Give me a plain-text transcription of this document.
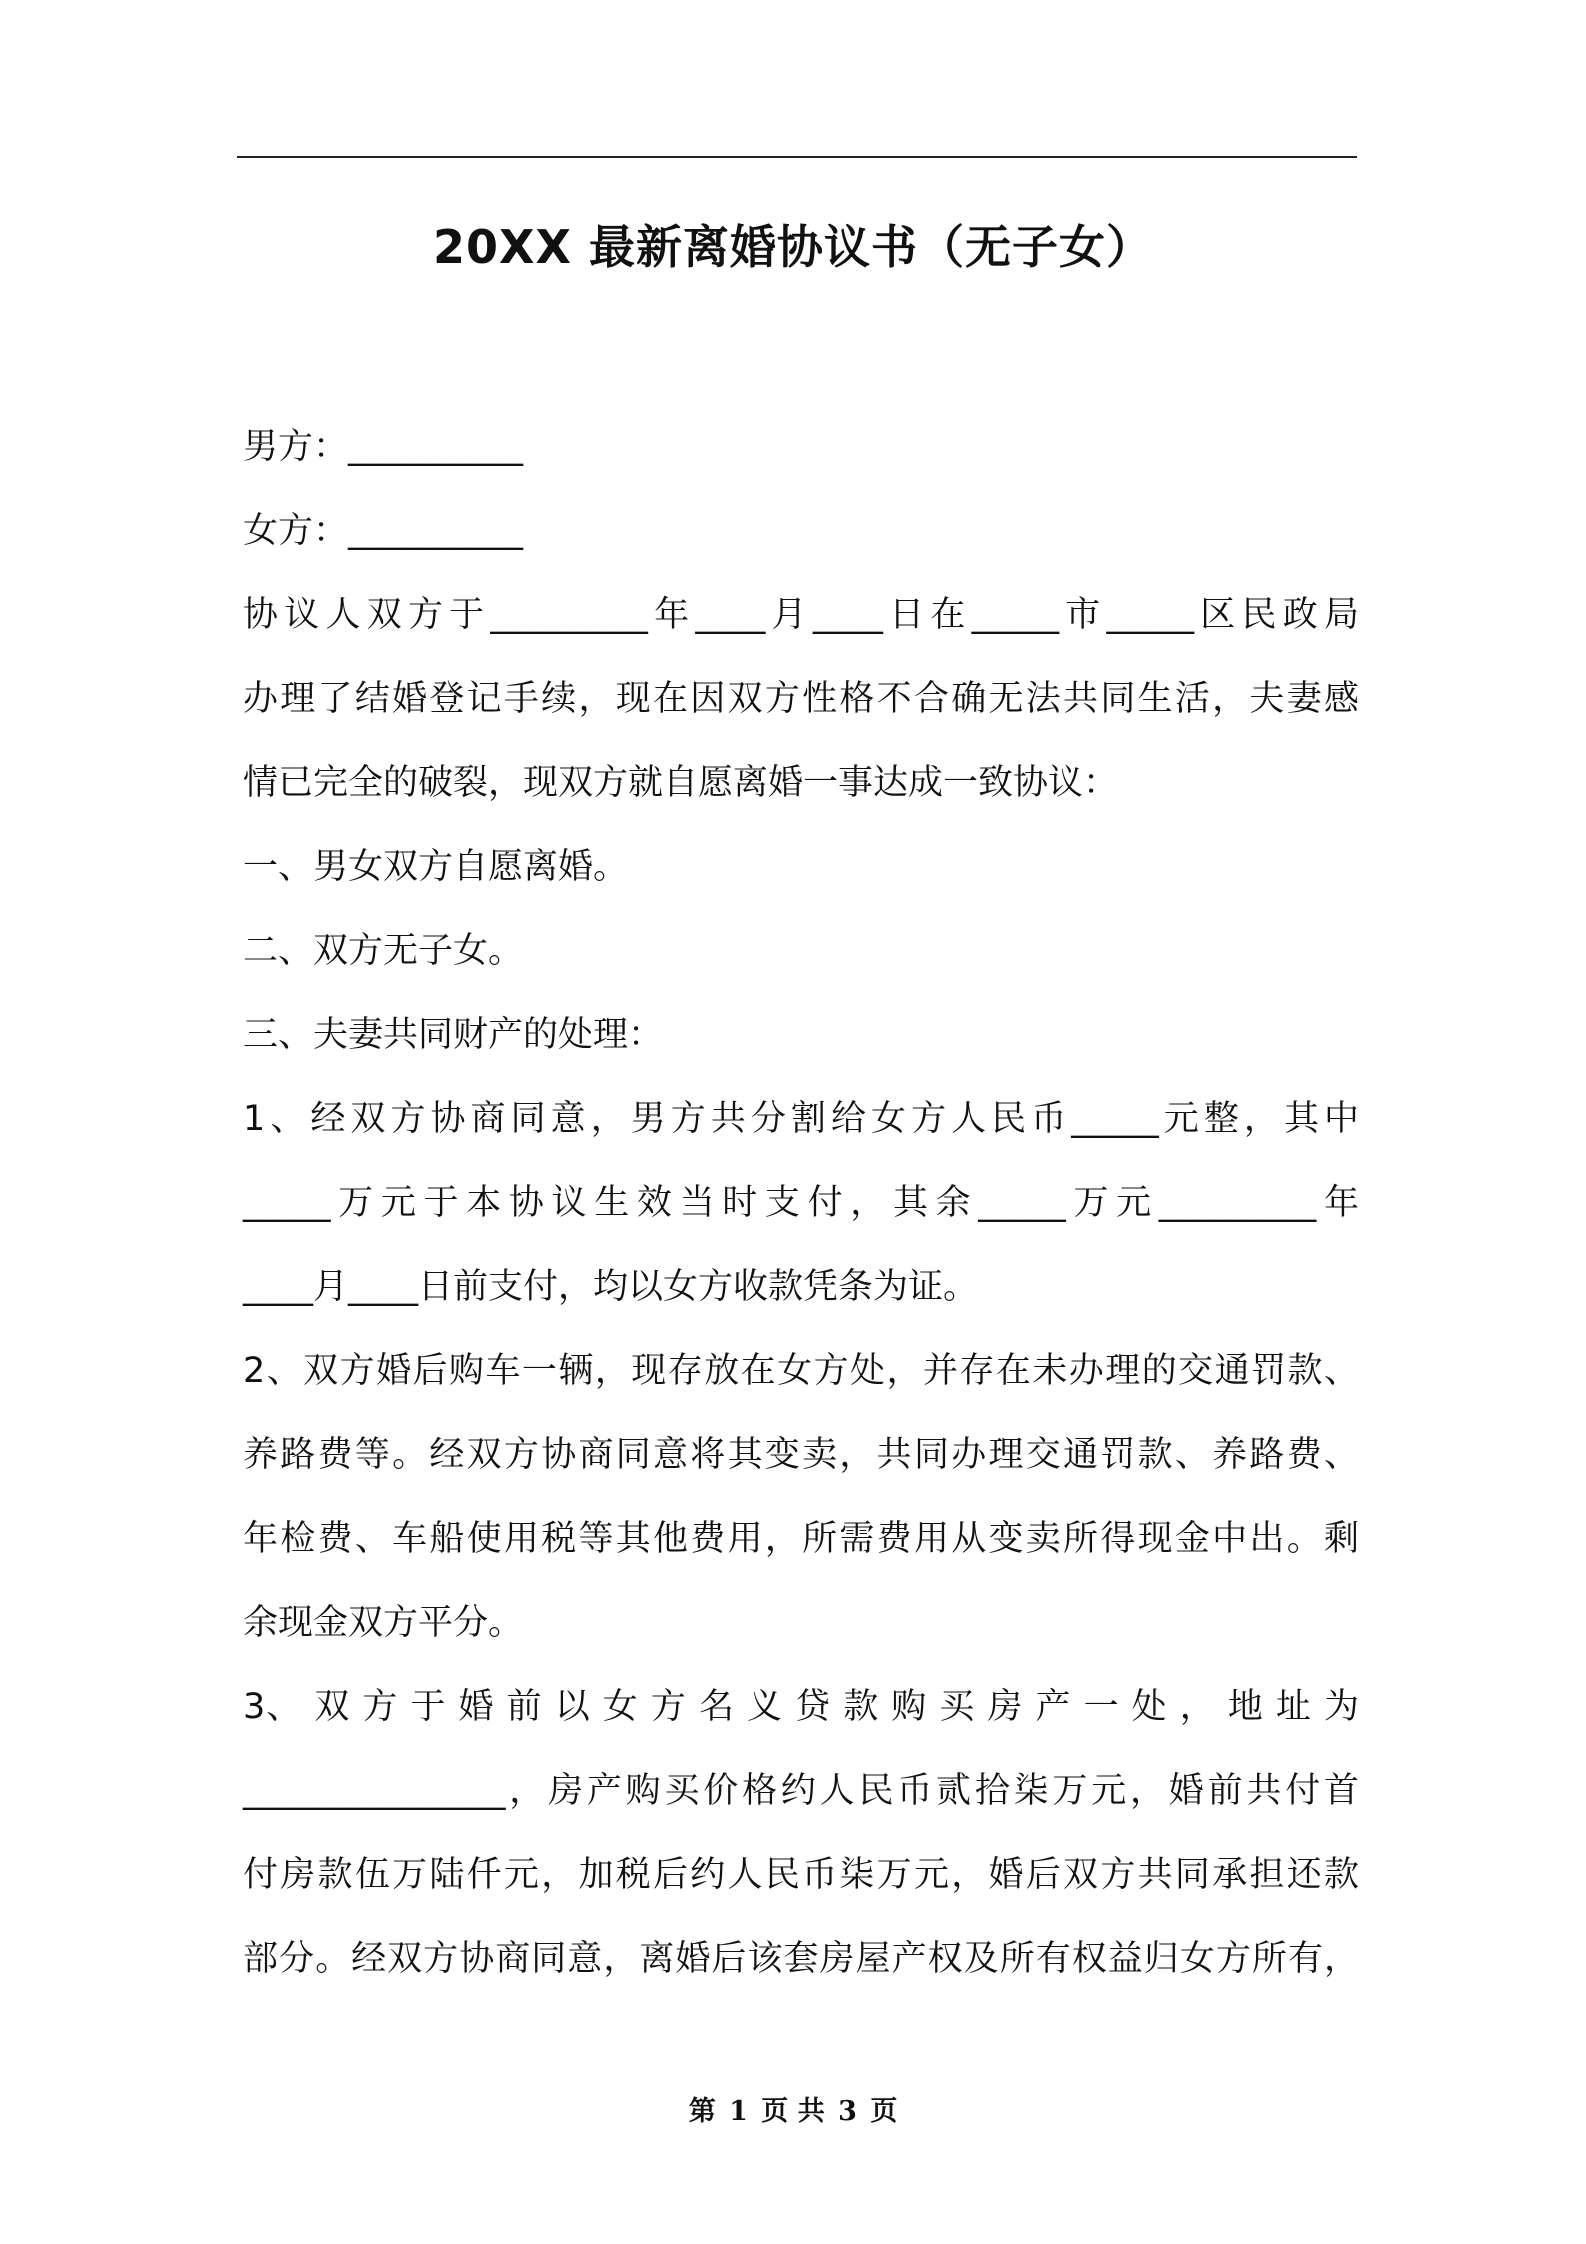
20XX 最新离婚协议书（无子女）
男方：__________
女方：__________
协议人双方于_________年____月____日在_____市_____区民政局
办理了结婚登记手续，现在因双方性格不合确无法共同生活，夫妻感
情已完全的破裂，现双方就自愿离婚一事达成一致协议：
一、男女双方自愿离婚。
二、双方无子女。
三、夫妻共同财产的处理：
1、经双方协商同意，男方共分割给女方人民币_____元整，其中
_____万元于本协议生效当时支付，其余_____万元_________年
____月____日前支付，均以女方收款凭条为证。
2、双方婚后购车一辆，现存放在女方处，并存在未办理的交通罚款、
养路费等。经双方协商同意将其变卖，共同办理交通罚款、养路费、
年检费、车船使用税等其他费用，所需费用从变卖所得现金中出。剩
余现金双方平分。
3、 双 方 于 婚 前 以 女 方 名 义 贷 款 购 买 房 产 一 处 ， 地 址 为
_______________，房产购买价格约人民币贰拾柒万元，婚前共付首
付房款伍万陆仟元，加税后约人民币柒万元，婚后双方共同承担还款
部分。经双方协商同意，离婚后该套房屋产权及所有权益归女方所有，
第 1 页 共 3 页
